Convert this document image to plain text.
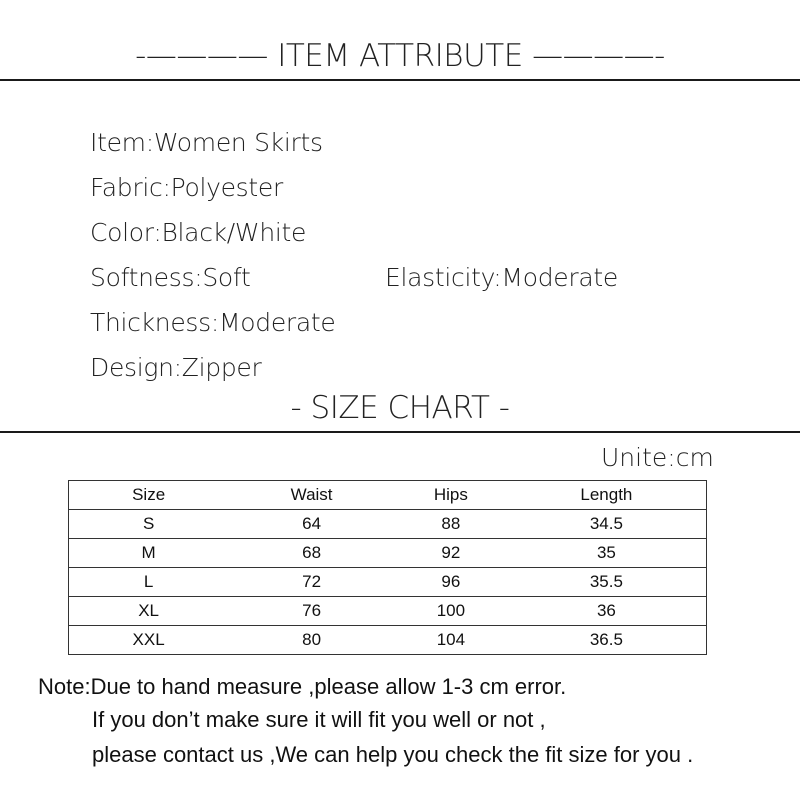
-———— ITEM ATTRIBUTE ————-
Item:Women Skirts
Fabric:Polyester
Color:Black/White
Softness:Soft	Elasticity:Moderate
Thickness:Moderate
Design:Zipper
- SIZE CHART -
Unite:cm
Size	Waist	Hips	Length
S	64	88	34.5
M	68	92	35
L	72	96	35.5
XL	76	100	36
XXL	80	104	36.5
Note:Due to hand measure ,please allow 1-3 cm error.
If you don’t make sure it will fit you well or not ,
please contact us ,We can help you check the fit size for you .
